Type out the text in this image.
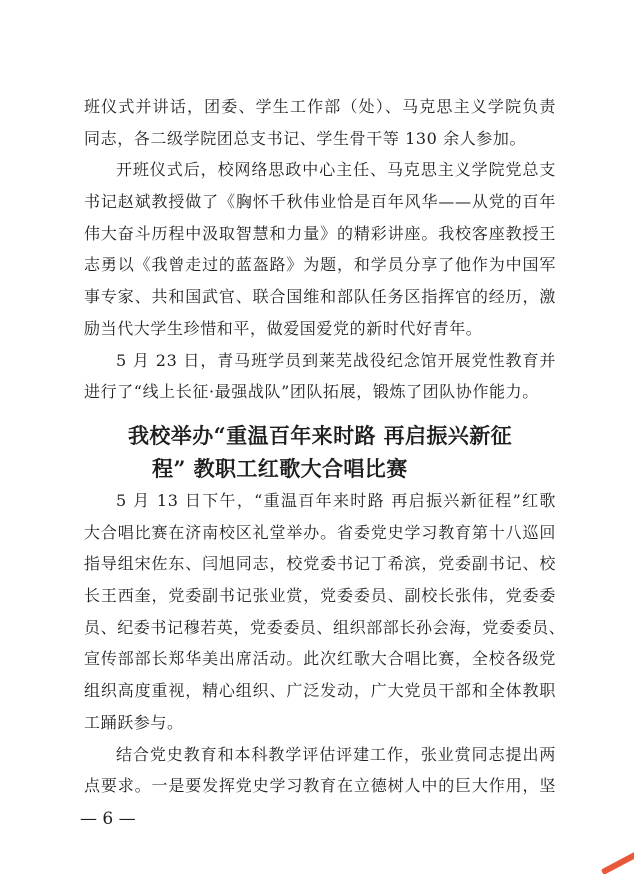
班仪式并讲话，团委、学生工作部（处）、马克思主义学院负责
同志，各二级学院团总支书记、学生骨干等 130 余人参加。
开班仪式后，校网络思政中心主任、马克思主义学院党总支
书记赵斌教授做了《胸怀千秋伟业恰是百年风华——从党的百年
伟大奋斗历程中汲取智慧和力量》的精彩讲座。我校客座教授王
志勇以《我曾走过的蓝盔路》为题，和学员分享了他作为中国军
事专家、共和国武官、联合国维和部队任务区指挥官的经历，激
励当代大学生珍惜和平，做爱国爱党的新时代好青年。
5 月 23 日，青马班学员到莱芜战役纪念馆开展党性教育并
进行了“线上长征·最强战队”团队拓展，锻炼了团队协作能力。
我校举办“重温百年来时路 再启振兴新征
程” 教职工红歌大合唱比赛
5 月 13 日下午，“重温百年来时路 再启振兴新征程”红歌
大合唱比赛在济南校区礼堂举办。省委党史学习教育第十八巡回
指导组宋佐东、闫旭同志，校党委书记丁希滨，党委副书记、校
长王西奎，党委副书记张业赏，党委委员、副校长张伟，党委委
员、纪委书记穆若英，党委委员、组织部部长孙会海，党委委员、
宣传部部长郑华美出席活动。此次红歌大合唱比赛，全校各级党
组织高度重视，精心组织、广泛发动，广大党员干部和全体教职
工踊跃参与。
结合党史教育和本科教学评估评建工作，张业赏同志提出两
点要求。一是要发挥党史学习教育在立德树人中的巨大作用，坚
— 6 —
